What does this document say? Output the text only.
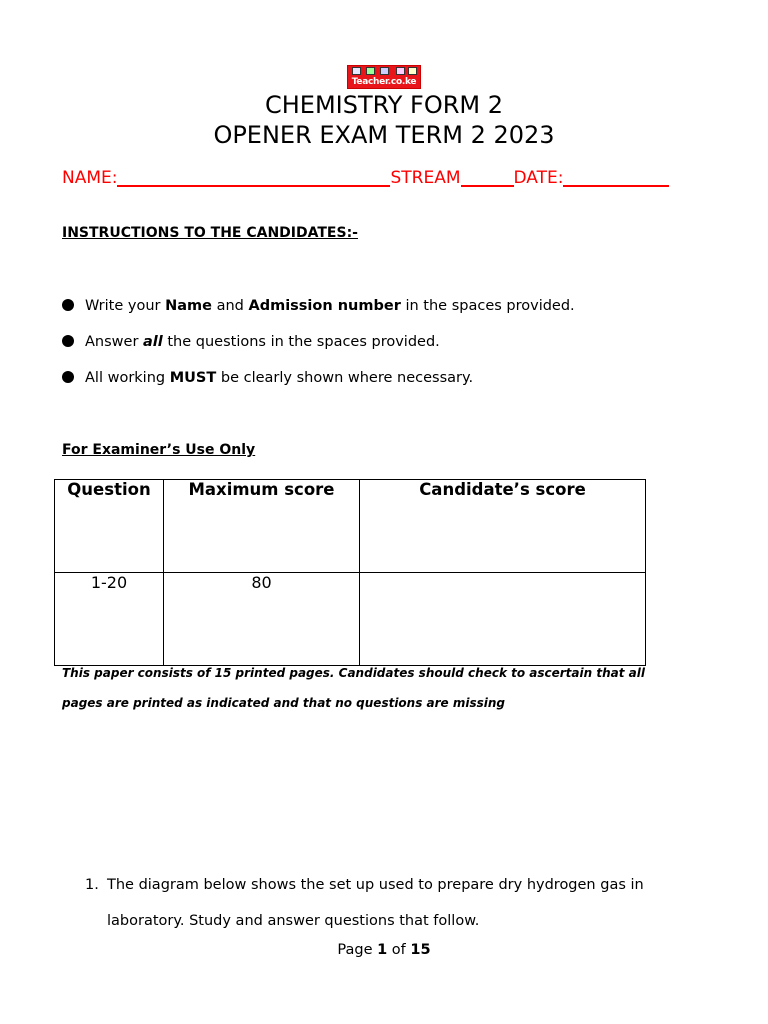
Teacher.co.ke
CHEMISTRY FORM 2
OPENER EXAM TERM 2 2023
NAME:	STREAM	DATE:
INSTRUCTIONS TO THE CANDIDATES:-
Write your Name and Admission number in the spaces provided.
Answer all the questions in the spaces provided.
All working MUST be clearly shown where necessary.
For Examiner’s Use Only
Question	Maximum score	Candidate’s score
1-20	80	
This paper consists of 15 printed pages. Candidates should check to ascertain that all
pages are printed as indicated and that no questions are missing
1. The diagram below shows the set up used to prepare dry hydrogen gas in
laboratory. Study and answer questions that follow.
Page 1 of 15
